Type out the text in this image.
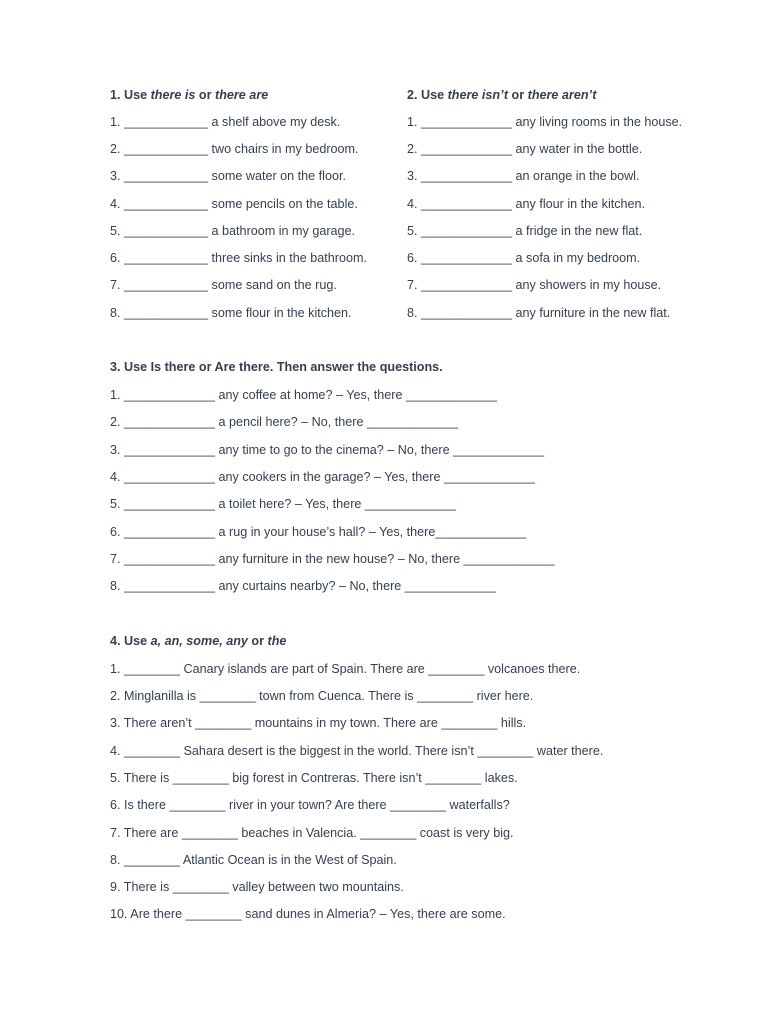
1. Use there is or there are
1. ____________ a shelf above my desk.
2. ____________ two chairs in my bedroom.
3. ____________ some water on the floor.
4. ____________ some pencils on the table.
5. ____________ a bathroom in my garage.
6. ____________ three sinks in the bathroom.
7. ____________ some sand on the rug.
8. ____________ some flour in the kitchen.
2. Use there isn’t or there aren’t
1. _____________ any living rooms in the house.
2. _____________ any water in the bottle.
3. _____________ an orange in the bowl.
4. _____________ any flour in the kitchen.
5. _____________ a fridge in the new flat.
6. _____________ a sofa in my bedroom.
7. _____________ any showers in my house.
8. _____________ any furniture in the new flat.
3. Use Is there or Are there. Then answer the questions.
1. _____________ any coffee at home? – Yes, there _____________
2. _____________ a pencil here? – No, there _____________
3. _____________ any time to go to the cinema? – No, there _____________
4. _____________ any cookers in the garage? – Yes, there _____________
5. _____________ a toilet here? – Yes, there _____________
6. _____________ a rug in your house’s hall? – Yes, there_____________
7. _____________ any furniture in the new house? – No, there _____________
8. _____________ any curtains nearby? – No, there _____________
4. Use a, an, some, any or the
1. ________ Canary islands are part of Spain. There are ________ volcanoes there.
2. Minglanilla is ________ town from Cuenca. There is ________ river here.
3. There aren’t ________ mountains in my town. There are ________ hills.
4. ________ Sahara desert is the biggest in the world. There isn’t ________ water there.
5. There is ________ big forest in Contreras. There isn’t ________ lakes.
6. Is there ________ river in your town? Are there ________ waterfalls?
7. There are ________ beaches in Valencia. ________ coast is very big.
8. ________ Atlantic Ocean is in the West of Spain.
9. There is ________ valley between two mountains.
10. Are there ________ sand dunes in Almeria? – Yes, there are some.
